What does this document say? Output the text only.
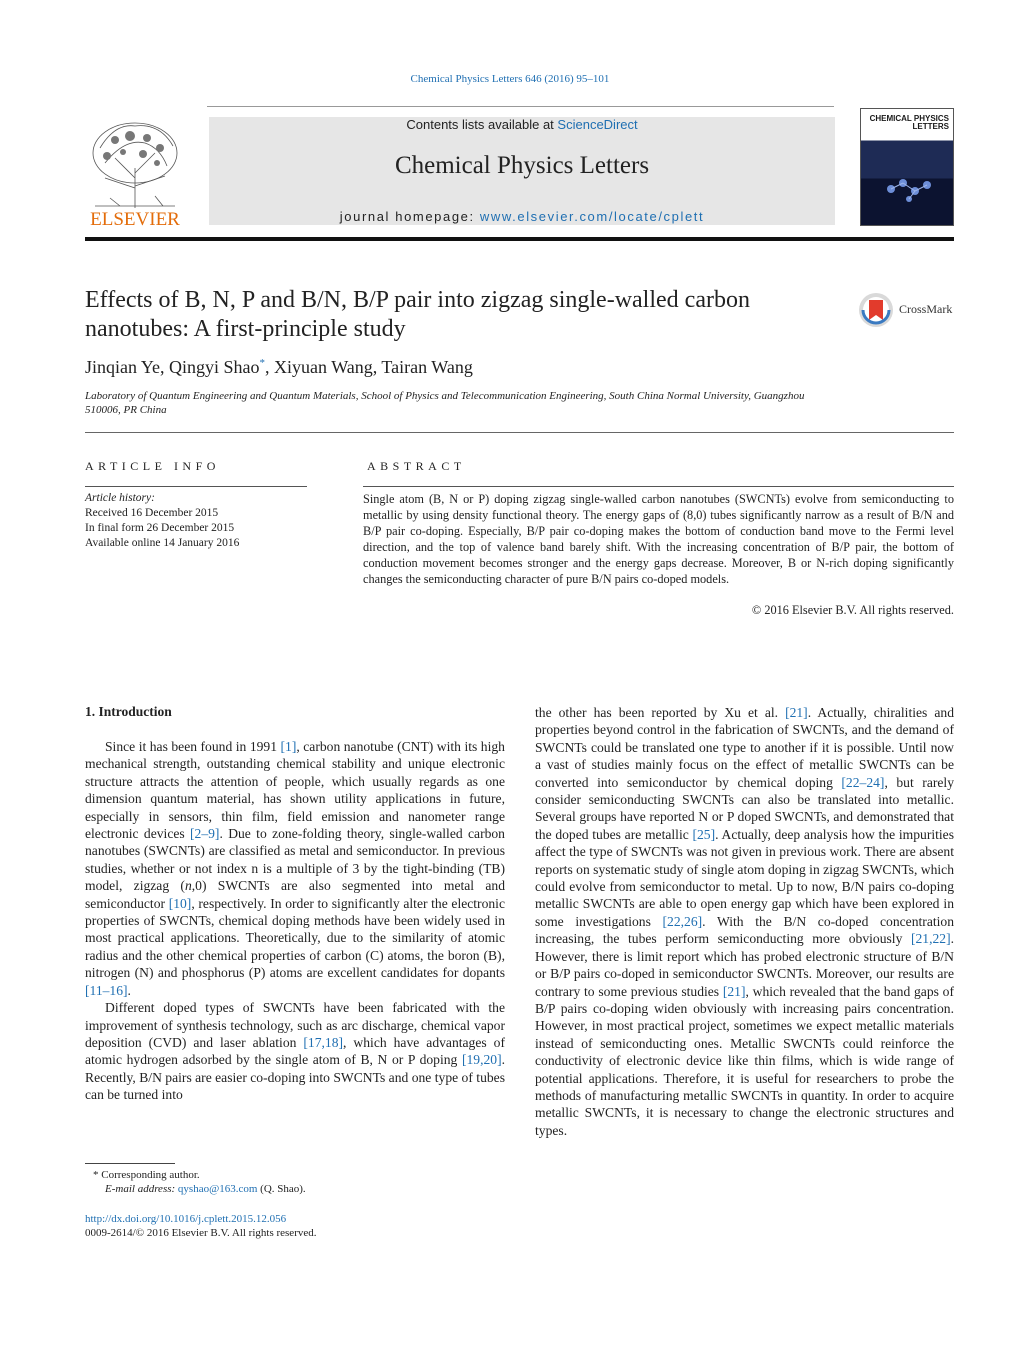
Chemical Physics Letters 646 (2016) 95–101
ELSEVIER
Contents lists available at ScienceDirect
Chemical Physics Letters
journal homepage: www.elsevier.com/locate/cplett
CHEMICAL PHYSICS LETTERS
Effects of B, N, P and B/N, B/P pair into zigzag single-walled carbon nanotubes: A first-principle study
CrossMark
Jinqian Ye, Qingyi Shao*, Xiyuan Wang, Tairan Wang
Laboratory of Quantum Engineering and Quantum Materials, School of Physics and Telecommunication Engineering, South China Normal University, Guangzhou 510006, PR China
ARTICLE INFO
Article history:
Received 16 December 2015
In final form 26 December 2015
Available online 14 January 2016
ABSTRACT
Single atom (B, N or P) doping zigzag single-walled carbon nanotubes (SWCNTs) evolve from semiconducting to metallic by using density functional theory. The energy gaps of (8,0) tubes significantly narrow as a result of B/N and B/P pair co-doping. Especially, B/P pair co-doping makes the bottom of conduction band move to the Fermi level direction, and the top of valence band barely shift. With the increasing concentration of B/P pair, the bottom of conduction movement becomes stronger and the energy gaps decrease. Moreover, B or N-rich doping significantly changes the semiconducting character of pure B/N pairs co-doped models.
© 2016 Elsevier B.V. All rights reserved.
1. Introduction

Since it has been found in 1991 [1], carbon nanotube (CNT) with its high mechanical strength, outstanding chemical stability and unique electronic structure attracts the attention of people, which usually regards as one dimension quantum material, has shown utility applications in future, especially in sensors, thin film, field emission and nanometer range electronic devices [2–9]. Due to zone-folding theory, single-walled carbon nanotubes (SWCNTs) are classified as metal and semiconductor. In previous studies, whether or not index n is a multiple of 3 by the tight-binding (TB) model, zigzag (n,0) SWCNTs are also segmented into metal and semiconductor [10], respectively. In order to significantly alter the electronic properties of SWCNTs, chemical doping methods have been widely used in most practical applications. Theoretically, due to the similarity of atomic radius and the other chemical properties of carbon (C) atoms, the boron (B), nitrogen (N) and phosphorus (P) atoms are excellent candidates for dopants [11–16].

Different doped types of SWCNTs have been fabricated with the improvement of synthesis technology, such as arc discharge, chemical vapor deposition (CVD) and laser ablation [17,18], which have advantages of atomic hydrogen adsorbed by the single atom of B, N or P doping [19,20]. Recently, B/N pairs are easier co-doping into SWCNTs and one type of tubes can be turned into

the other has been reported by Xu et al. [21]. Actually, chiralities and properties beyond control in the fabrication of SWCNTs, and the demand of SWCNTs could be translated one type to another if it is possible. Until now a vast of studies mainly focus on the effect of metallic SWCNTs can be converted into semiconductor by chemical doping [22–24], but rarely consider semiconducting SWCNTs can also be translated into metallic. Several groups have reported N or P doped SWCNTs, and demonstrated that the doped tubes are metallic [25]. Actually, deep analysis how the impurities affect the type of SWCNTs was not given in previous work. There are absent reports on systematic study of single atom doping in zigzag SWCNTs, which could evolve from semiconductor to metal. Up to now, B/N pairs co-doping metallic SWCNTs are able to open energy gap which have been explored in some investigations [22,26]. With the B/N co-doped concentration increasing, the tubes perform semiconducting more obviously [21,22]. However, there is limit report which has probed electronic structure of B/N or B/P pairs co-doped in semiconductor SWCNTs. Moreover, our results are contrary to some previous studies [21], which revealed that the band gaps of B/P pairs co-doping widen obviously with increasing pairs concentration. However, in most practical project, sometimes we expect metallic materials instead of semiconducting ones. Metallic SWCNTs could reinforce the conductivity of electronic device like thin films, which is wide range of potential applications. Therefore, it is useful for researchers to probe the methods of manufacturing metallic SWCNTs in quantity. In order to acquire metallic SWCNTs, it is necessary to change the electronic structures and types.

* Corresponding author.
E-mail address: qyshao@163.com (Q. Shao).
http://dx.doi.org/10.1016/j.cplett.2015.12.056
0009-2614/© 2016 Elsevier B.V. All rights reserved.
